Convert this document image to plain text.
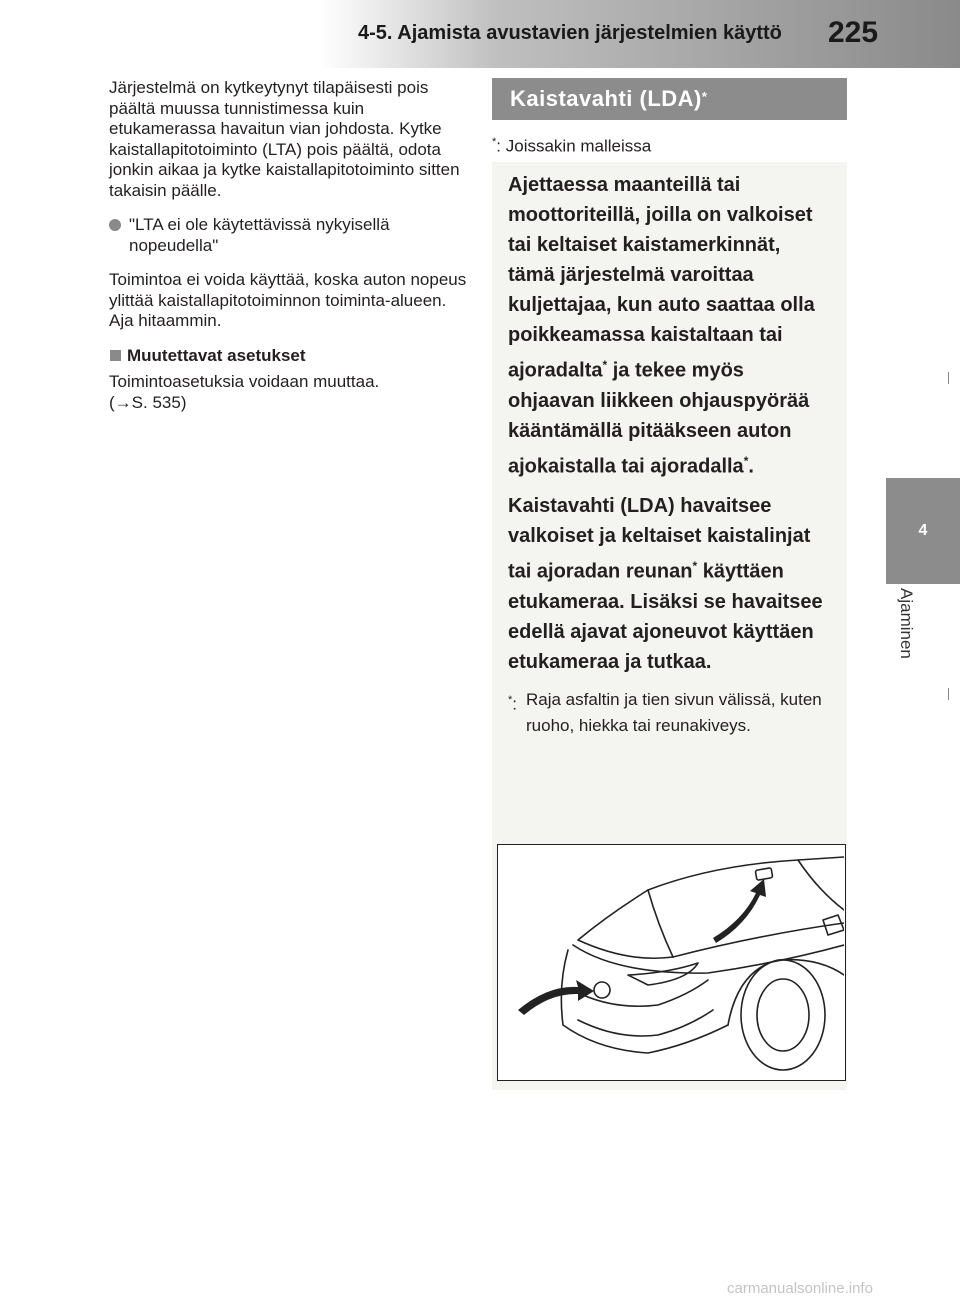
4-5. Ajamista avustavien järjestelmien käyttö 225
4
Ajaminen

Järjestelmä on kytkeytynyt tilapäisesti pois päältä muussa tunnistimessa kuin etukamerassa havaitun vian johdosta. Kytke kaistallapitotoiminto (LTA) pois päältä, odota jonkin aikaa ja kytke kaistallapitotoiminto sitten takaisin päälle.

"LTA ei ole käytettävissä nykyisellä nopeudella"

Toimintoa ei voida käyttää, koska auton nopeus ylittää kaistallapitotoiminnon toiminta-alueen. Aja hitaammin.

Muutettavat asetukset
Toimintoasetuksia voidaan muuttaa.
(→S. 535)
Kaistavahti (LDA)*
*: Joissakin malleissa

Ajettaessa maanteillä tai moottoriteillä, joilla on valkoiset tai keltaiset kaistamerkinnät, tämä järjestelmä varoittaa kuljettajaa, kun auto saattaa olla poikkeamassa kaistaltaan tai ajoradalta* ja tekee myös ohjaavan liikkeen ohjauspyörää kääntämällä pitääkseen auton ajokaistalla tai ajoradalla*.

Kaistavahti (LDA) havaitsee valkoiset ja keltaiset kaistalinjat tai ajoradan reunan* käyttäen etukameraa. Lisäksi se havaitsee edellä ajavat ajoneuvot käyttäen etukameraa ja tutkaa.

*: Raja asfaltin ja tien sivun välissä, kuten ruoho, hiekka tai reunakiveys.
carmanualsonline.info
